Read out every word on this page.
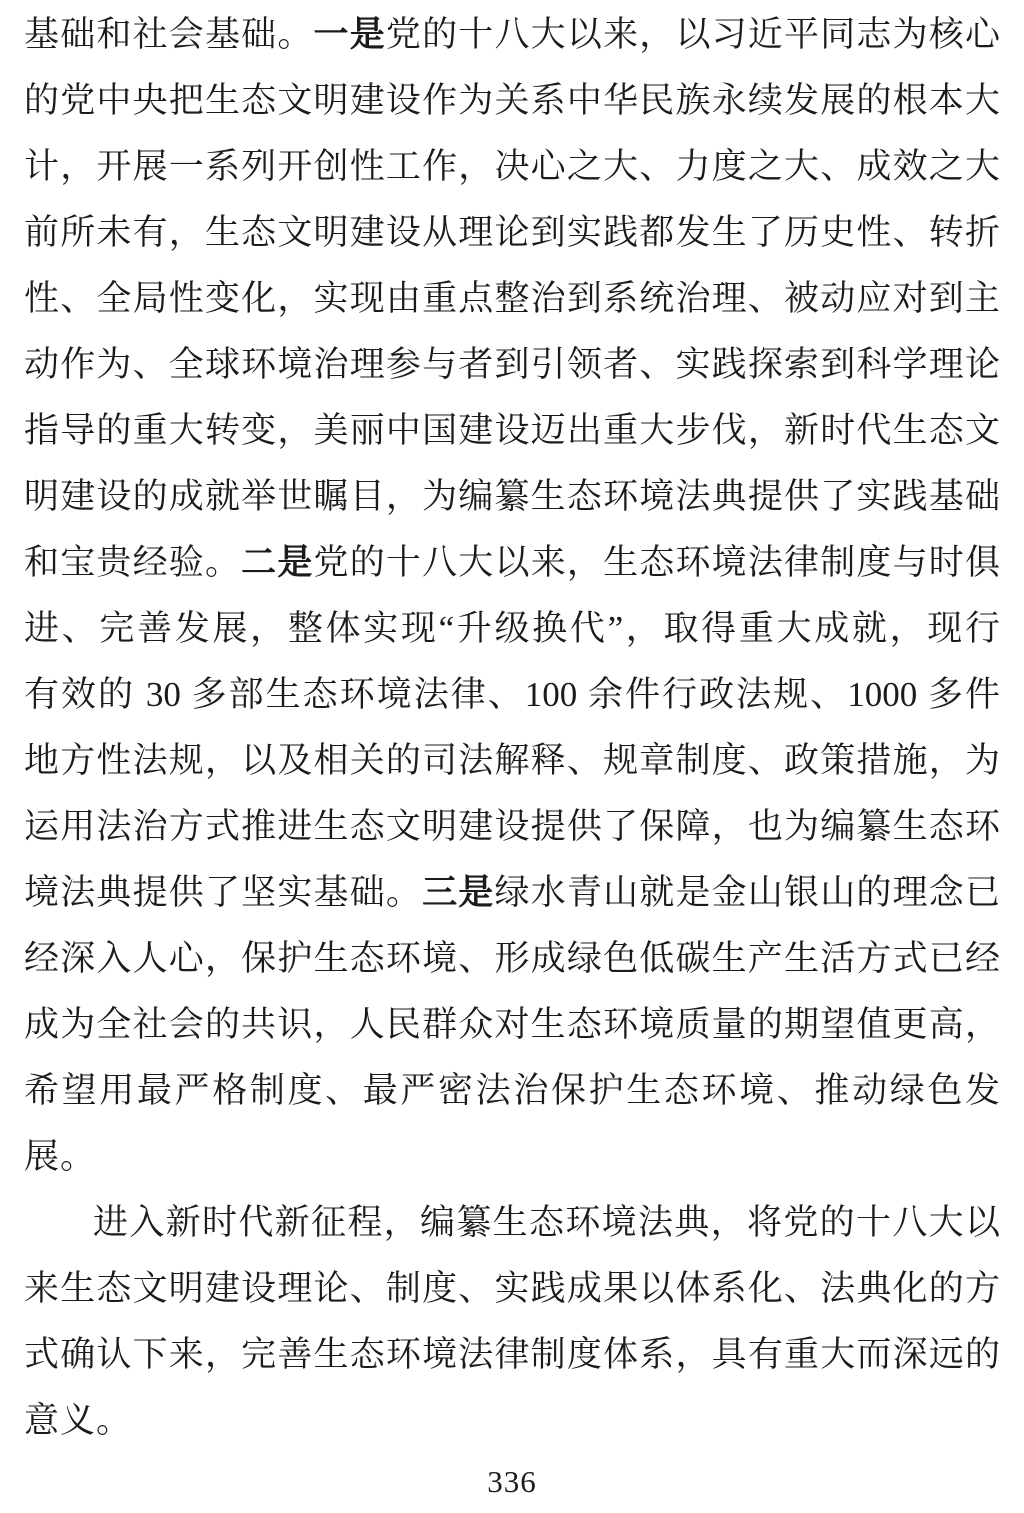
基础和社会基础。一是党的十八大以来，以习近平同志为核心
的党中央把生态文明建设作为关系中华民族永续发展的根本大
计，开展一系列开创性工作，决心之大、力度之大、成效之大
前所未有，生态文明建设从理论到实践都发生了历史性、转折
性、全局性变化，实现由重点整治到系统治理、被动应对到主
动作为、全球环境治理参与者到引领者、实践探索到科学理论
指导的重大转变，美丽中国建设迈出重大步伐，新时代生态文
明建设的成就举世瞩目，为编纂生态环境法典提供了实践基础
和宝贵经验。二是党的十八大以来，生态环境法律制度与时俱
进、完善发展，整体实现“升级换代”，取得重大成就，现行
有效的 30 多部生态环境法律、100 余件行政法规、1000 多件
地方性法规，以及相关的司法解释、规章制度、政策措施，为
运用法治方式推进生态文明建设提供了保障，也为编纂生态环
境法典提供了坚实基础。三是绿水青山就是金山银山的理念已
经深入人心，保护生态环境、形成绿色低碳生产生活方式已经
成为全社会的共识，人民群众对生态环境质量的期望值更高，
希望用最严格制度、最严密法治保护生态环境、推动绿色发
展。
进入新时代新征程，编纂生态环境法典，将党的十八大以
来生态文明建设理论、制度、实践成果以体系化、法典化的方
式确认下来，完善生态环境法律制度体系，具有重大而深远的
意义。
336
